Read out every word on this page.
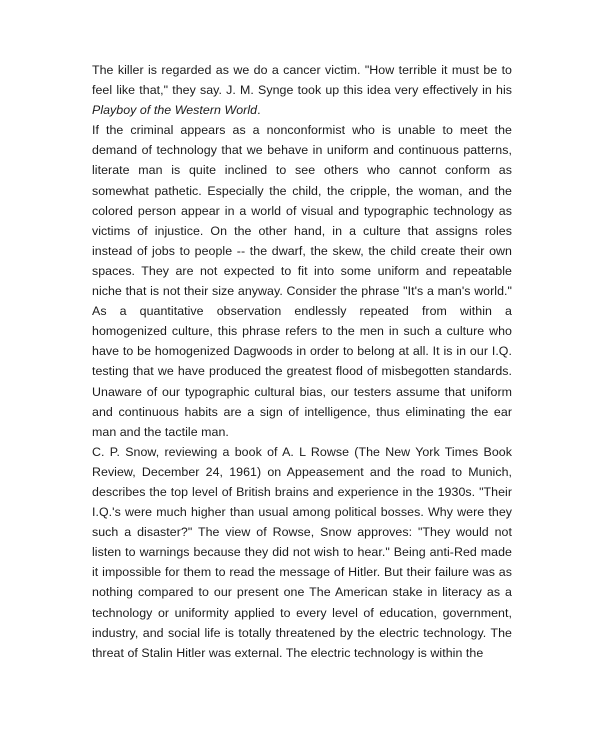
The killer is regarded as we do a cancer victim. "How terrible it must be to feel like that," they say. J. M. Synge took up this idea very effectively in his Playboy of the Western World.

If the criminal appears as a nonconformist who is unable to meet the demand of technology that we behave in uniform and continuous patterns, literate man is quite inclined to see others who cannot conform as somewhat pathetic. Especially the child, the cripple, the woman, and the colored person appear in a world of visual and typographic technology as victims of injustice. On the other hand, in a culture that assigns roles instead of jobs to people -- the dwarf, the skew, the child create their own spaces. They are not expected to fit into some uniform and repeatable niche that is not their size anyway. Consider the phrase "It's a man's world." As a quantitative observation endlessly repeated from within a homogenized culture, this phrase refers to the men in such a culture who have to be homogenized Dagwoods in order to belong at all. It is in our I.Q. testing that we have produced the greatest flood of misbegotten standards. Unaware of our typographic cultural bias, our testers assume that uniform and continuous habits are a sign of intelligence, thus eliminating the ear man and the tactile man.

C. P. Snow, reviewing a book of A. L Rowse (The New York Times Book Review, December 24, 1961) on Appeasement and the road to Munich, describes the top level of British brains and experience in the 1930s. "Their I.Q.'s were much higher than usual among political bosses. Why were they such a disaster?" The view of Rowse, Snow approves: "They would not listen to warnings because they did not wish to hear." Being anti-Red made it impossible for them to read the message of Hitler. But their failure was as nothing compared to our present one The American stake in literacy as a technology or uniformity applied to every level of education, government, industry, and social life is totally threatened by the electric technology. The threat of Stalin Hitler was external. The electric technology is within the
